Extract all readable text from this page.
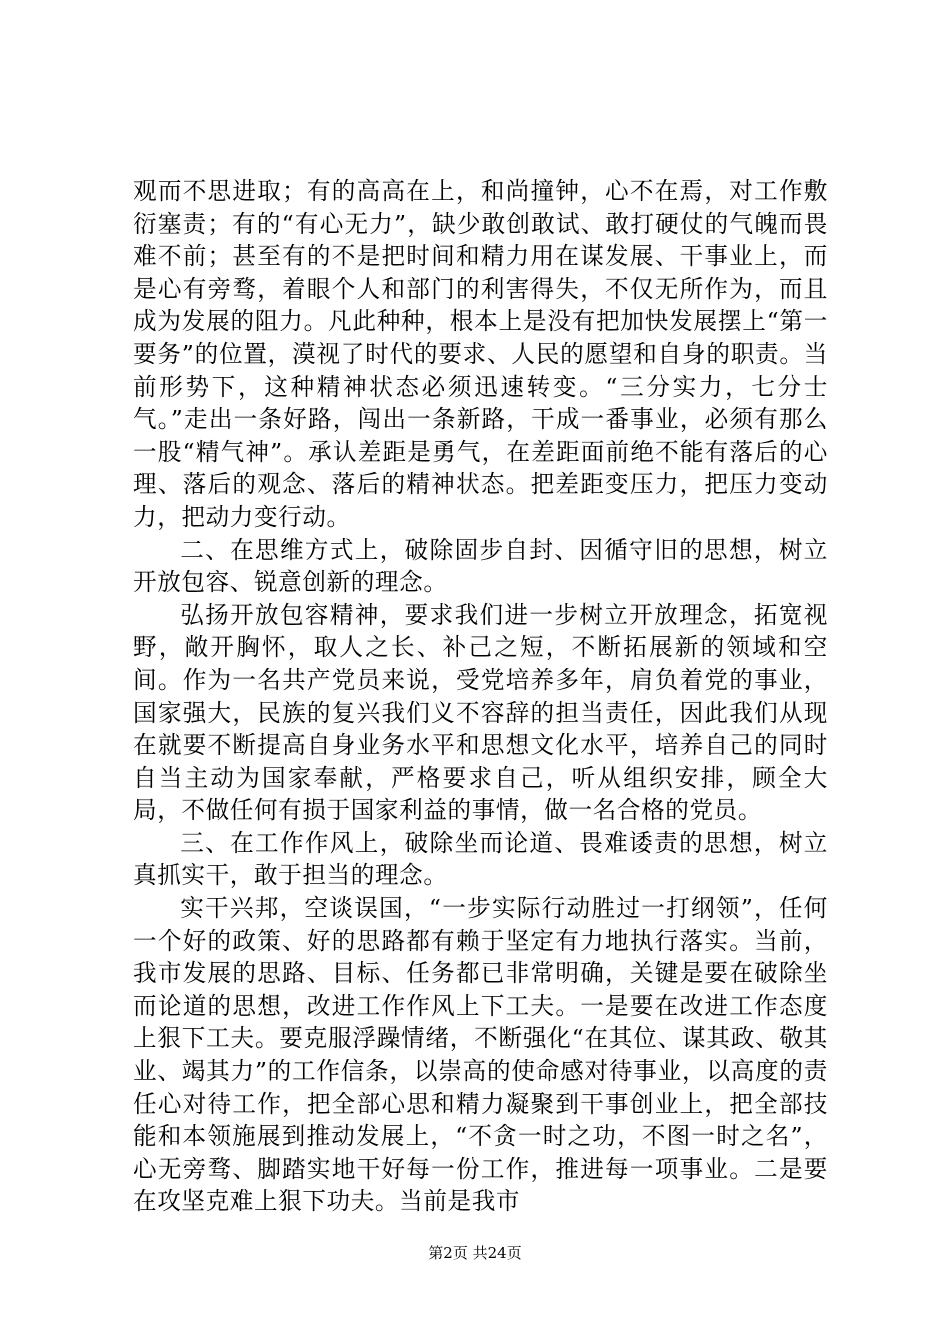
观而不思进取；有的高高在上，和尚撞钟，心不在焉，对工作敷衍塞责；有的“有心无力”，缺少敢创敢试、敢打硬仗的气魄而畏难不前；甚至有的不是把时间和精力用在谋发展、干事业上，而是心有旁骛，着眼个人和部门的利害得失，不仅无所作为，而且成为发展的阻力。凡此种种，根本上是没有把加快发展摆上“第一要务”的位置，漠视了时代的要求、人民的愿望和自身的职责。当前形势下，这种精神状态必须迅速转变。“三分实力，七分士气。”走出一条好路，闯出一条新路，干成一番事业，必须有那么一股“精气神”。承认差距是勇气，在差距面前绝不能有落后的心理、落后的观念、落后的精神状态。把差距变压力，把压力变动力，把动力变行动。

二、在思维方式上，破除固步自封、因循守旧的思想，树立开放包容、锐意创新的理念。

弘扬开放包容精神，要求我们进一步树立开放理念，拓宽视野，敞开胸怀，取人之长、补己之短，不断拓展新的领域和空间。作为一名共产党员来说，受党培养多年，肩负着党的事业，国家强大，民族的复兴我们义不容辞的担当责任，因此我们从现在就要不断提高自身业务水平和思想文化水平，培养自己的同时自当主动为国家奉献，严格要求自己，听从组织安排，顾全大局，不做任何有损于国家利益的事情，做一名合格的党员。

三、在工作作风上，破除坐而论道、畏难诿责的思想，树立真抓实干，敢于担当的理念。

实干兴邦，空谈误国，“一步实际行动胜过一打纲领”，任何一个好的政策、好的思路都有赖于坚定有力地执行落实。当前，我市发展的思路、目标、任务都已非常明确，关键是要在破除坐而论道的思想，改进工作作风上下工夫。一是要在改进工作态度上狠下工夫。要克服浮躁情绪，不断强化“在其位、谋其政、敬其业、竭其力”的工作信条，以崇高的使命感对待事业，以高度的责任心对待工作，把全部心思和精力凝聚到干事创业上，把全部技能和本领施展到推动发展上，“不贪一时之功，不图一时之名”，心无旁骛、脚踏实地干好每一份工作，推进每一项事业。二是要在攻坚克难上狠下功夫。当前是我市

第2页 共24页
